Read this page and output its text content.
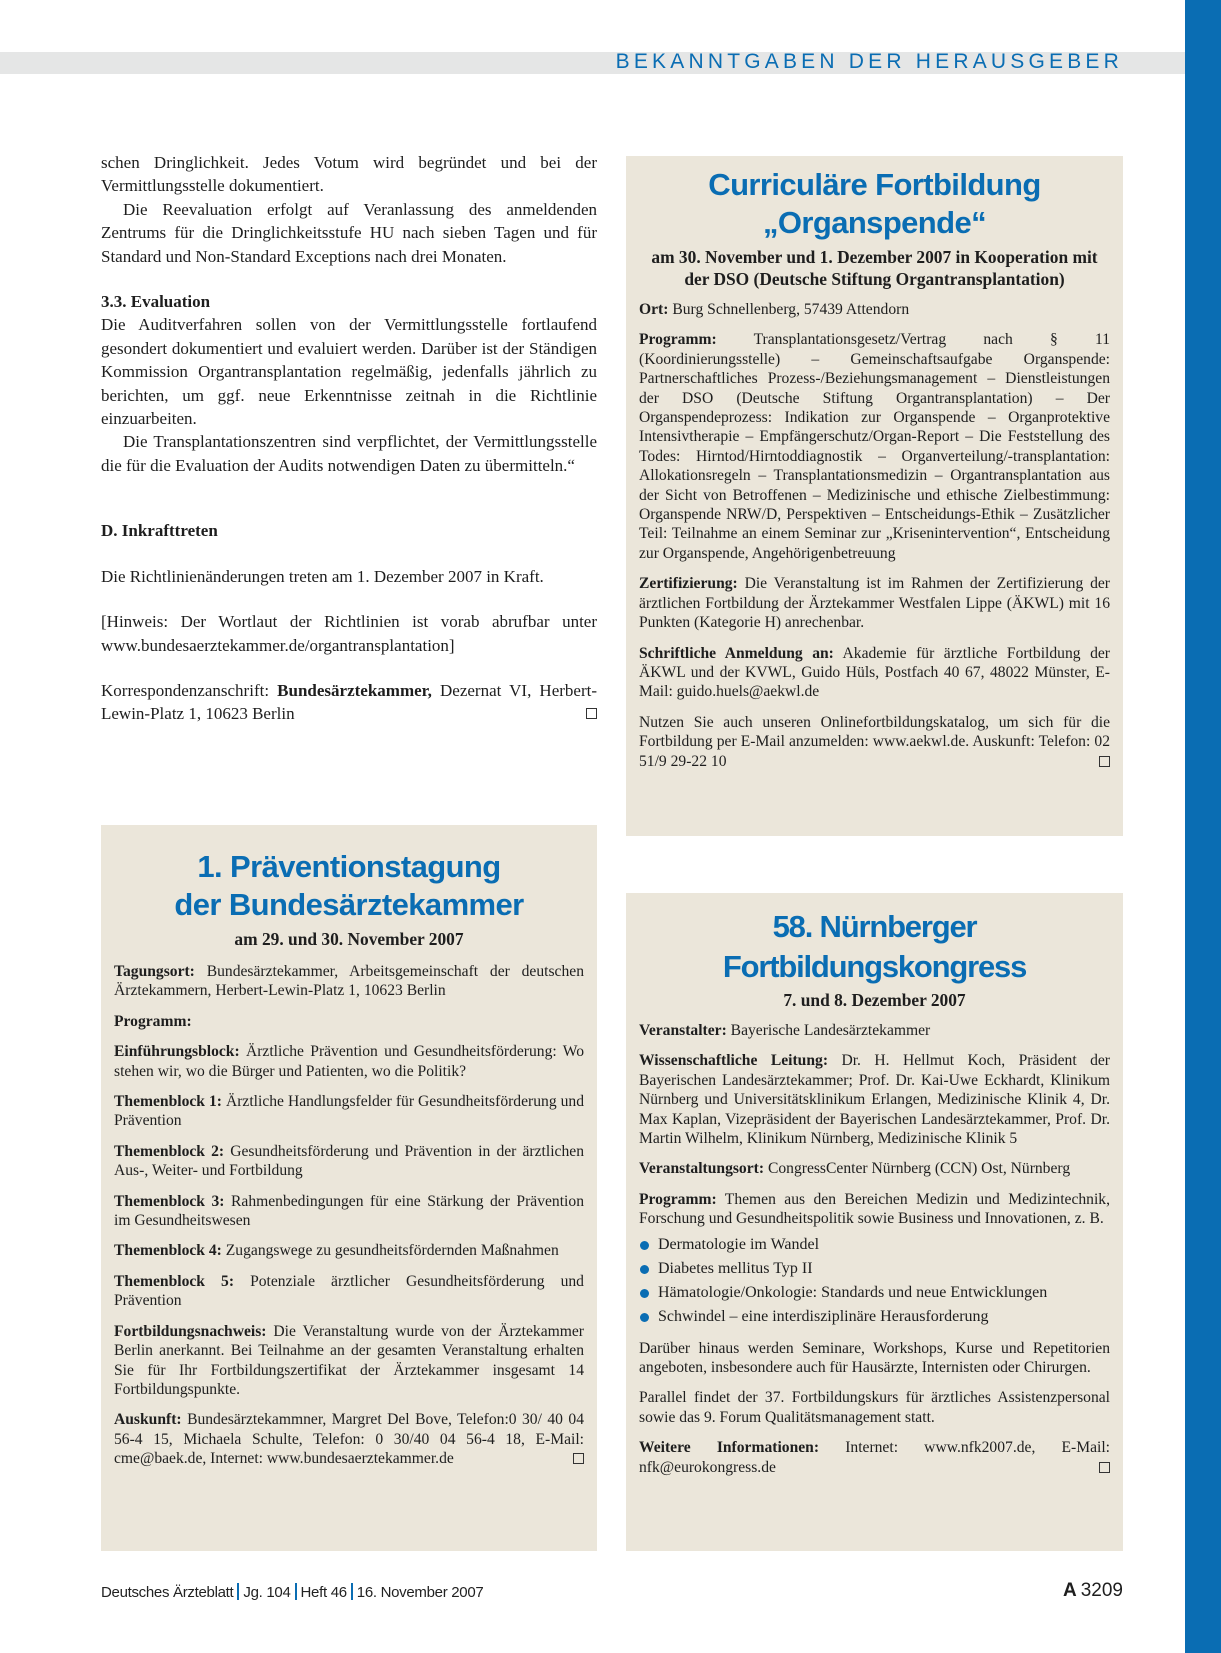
BEKANNTGABEN DER HERAUSGEBER

schen Dringlichkeit. Jedes Votum wird begründet und bei der Vermittlungsstelle dokumentiert.

Die Reevaluation erfolgt auf Veranlassung des anmeldenden Zentrums für die Dringlichkeitsstufe HU nach sieben Tagen und für Standard und Non-Standard Exceptions nach drei Monaten.

3.3. Evaluation

Die Auditverfahren sollen von der Vermittlungsstelle fortlaufend gesondert dokumentiert und evaluiert werden. Darüber ist der Ständigen Kommission Organtransplantation regelmäßig, jedenfalls jährlich zu berichten, um ggf. neue Erkenntnisse zeitnah in die Richtlinie einzuarbeiten.

Die Transplantationszentren sind verpflichtet, der Vermittlungsstelle die für die Evaluation der Audits notwendigen Daten zu übermitteln.“

D. Inkrafttreten

Die Richtlinienänderungen treten am 1. Dezember 2007 in Kraft.

[Hinweis: Der Wortlaut der Richtlinien ist vorab abrufbar unter www.bundesaerztekammer.de/organtransplantation]

Korrespondenzanschrift: Bundesärztekammer, Dezernat VI, Herbert-Lewin-Platz 1, 10623 Berlin

Curriculäre Fortbildung
„Organspende“
am 30. November und 1. Dezember 2007 in Kooperation mit der DSO (Deutsche Stiftung Organtransplantation)

Ort: Burg Schnellenberg, 57439 Attendorn

Programm: Transplantationsgesetz/Vertrag nach § 11 (Koordinierungsstelle) – Gemeinschaftsaufgabe Organspende: Partnerschaftliches Prozess-/Beziehungsmanagement – Dienstleistungen der DSO (Deutsche Stiftung Organtransplantation) – Der Organspendeprozess: Indikation zur Organspende – Organprotektive Intensivtherapie – Empfängerschutz/Organ-Report – Die Feststellung des Todes: Hirntod/Hirntoddiagnostik – Organverteilung/-transplantation: Allokationsregeln – Transplantationsmedizin – Organtransplantation aus der Sicht von Betroffenen – Medizinische und ethische Zielbestimmung: Organspende NRW/D, Perspektiven – Entscheidungs-Ethik – Zusätzlicher Teil: Teilnahme an einem Seminar zur „Krisenintervention“, Entscheidung zur Organspende, Angehörigenbetreuung

Zertifizierung: Die Veranstaltung ist im Rahmen der Zertifizierung der ärztlichen Fortbildung der Ärztekammer Westfalen Lippe (ÄKWL) mit 16 Punkten (Kategorie H) anrechenbar.

Schriftliche Anmeldung an: Akademie für ärztliche Fortbildung der ÄKWL und der KVWL, Guido Hüls, Postfach 40 67, 48022 Münster, E-Mail: guido.huels@aekwl.de

Nutzen Sie auch unseren Onlinefortbildungskatalog, um sich für die Fortbildung per E-Mail anzumelden: www.aekwl.de. Auskunft: Telefon: 02 51/9 29-22 10

1. Präventionstagung
der Bundesärztekammer
am 29. und 30. November 2007

Tagungsort: Bundesärztekammer, Arbeitsgemeinschaft der deutschen Ärztekammern, Herbert-Lewin-Platz 1, 10623 Berlin

Programm:

Einführungsblock: Ärztliche Prävention und Gesundheitsförderung: Wo stehen wir, wo die Bürger und Patienten, wo die Politik?

Themenblock 1: Ärztliche Handlungsfelder für Gesundheitsförderung und Prävention

Themenblock 2: Gesundheitsförderung und Prävention in der ärztlichen Aus-, Weiter- und Fortbildung

Themenblock 3: Rahmenbedingungen für eine Stärkung der Prävention im Gesundheitswesen

Themenblock 4: Zugangswege zu gesundheitsfördernden Maßnahmen

Themenblock 5: Potenziale ärztlicher Gesundheitsförderung und Prävention

Fortbildungsnachweis: Die Veranstaltung wurde von der Ärztekammer Berlin anerkannt. Bei Teilnahme an der gesamten Veranstaltung erhalten Sie für Ihr Fortbildungszertifikat der Ärztekammer insgesamt 14 Fortbildungspunkte.

Auskunft: Bundesärztekammner, Margret Del Bove, Telefon:0 30/ 40 04 56-4 15, Michaela Schulte, Telefon: 0 30/40 04 56-4 18, E-Mail: cme@baek.de, Internet: www.bundesaerztekammer.de

58. Nürnberger Fortbildungskongress
7. und 8. Dezember 2007

Veranstalter: Bayerische Landesärztekammer

Wissenschaftliche Leitung: Dr. H. Hellmut Koch, Präsident der Bayerischen Landesärztekammer; Prof. Dr. Kai-Uwe Eckhardt, Klinikum Nürnberg und Universitätsklinikum Erlangen, Medizinische Klinik 4, Dr. Max Kaplan, Vizepräsident der Bayerischen Landesärztekammer, Prof. Dr. Martin Wilhelm, Klinikum Nürnberg, Medizinische Klinik 5

Veranstaltungsort: CongressCenter Nürnberg (CCN) Ost, Nürnberg

Programm: Themen aus den Bereichen Medizin und Medizintechnik, Forschung und Gesundheitspolitik sowie Business und Innovationen, z. B.

Dermatologie im Wandel
Diabetes mellitus Typ II
Hämatologie/Onkologie: Standards und neue Entwicklungen
Schwindel – eine interdisziplinäre Herausforderung

Darüber hinaus werden Seminare, Workshops, Kurse und Repetitorien angeboten, insbesondere auch für Hausärzte, Internisten oder Chirurgen.

Parallel findet der 37. Fortbildungskurs für ärztliches Assistenzpersonal sowie das 9. Forum Qualitätsmanagement statt.

Weitere Informationen: Internet: www.nfk2007.de, E-Mail: nfk@eurokongress.de

Deutsches Ärzteblatt Jg. 104 Heft 46 16. November 2007	A 3209
